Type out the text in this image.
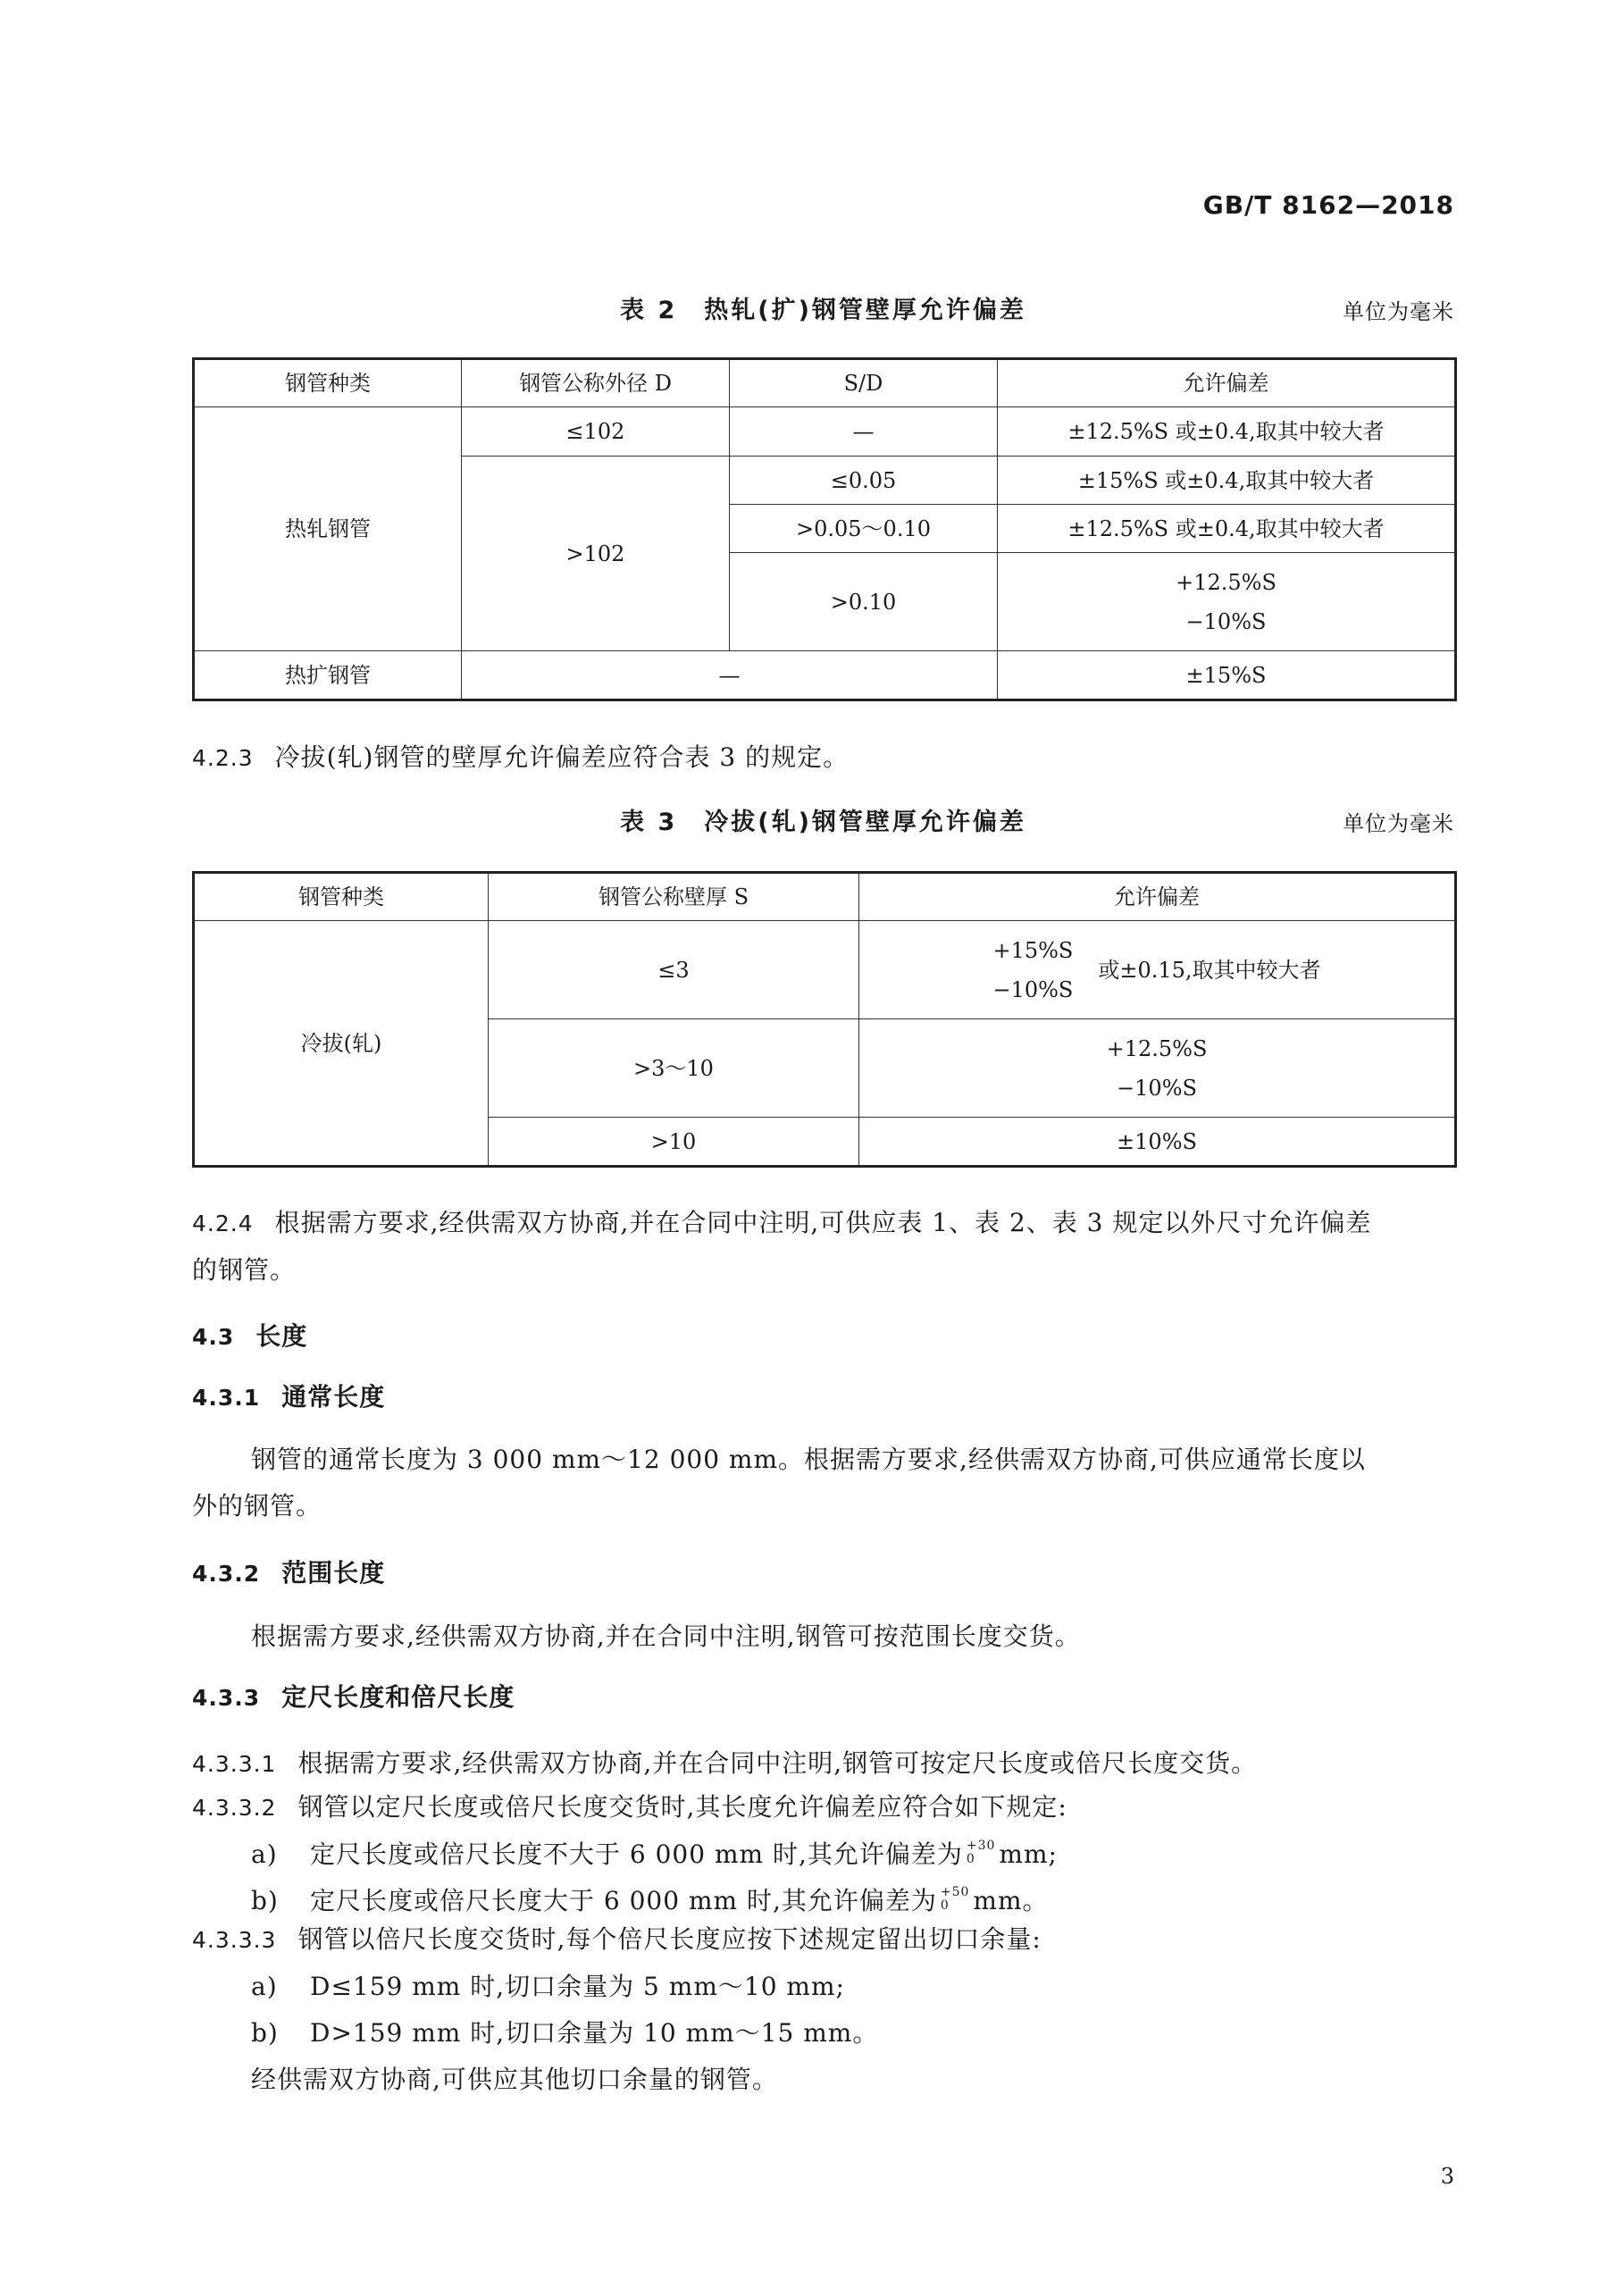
GB/T 8162—2018
表 2　热轧(扩)钢管壁厚允许偏差	单位为毫米
钢管种类	钢管公称外径 D	S/D	允许偏差
热轧钢管	≤102	—	±12.5%S 或±0.4,取其中较大者
	>102	≤0.05	±15%S 或±0.4,取其中较大者
		>0.05～0.10	±12.5%S 或±0.4,取其中较大者
		>0.10	+12.5%S
−10%S

热扩钢管	—		±15%S
4.2.3 冷拔(轧)钢管的壁厚允许偏差应符合表 3 的规定。
表 3　冷拔(轧)钢管壁厚允许偏差	单位为毫米
钢管种类	钢管公称壁厚 S	允许偏差
冷拔(轧)	≤3	+15%S
−10%S
或±0.15,取其中较大者
	>3～10	+12.5%S
−10%S

	>10	±10%S
4.2.4 根据需方要求,经供需双方协商,并在合同中注明,可供应表 1、表 2、表 3 规定以外尺寸允许偏差
的钢管。
4.3 长度
4.3.1 通常长度
钢管的通常长度为 3 000 mm～12 000 mm。根据需方要求,经供需双方协商,可供应通常长度以
外的钢管。
4.3.2 范围长度
根据需方要求,经供需双方协商,并在合同中注明,钢管可按范围长度交货。
4.3.3 定尺长度和倍尺长度
4.3.3.1 根据需方要求,经供需双方协商,并在合同中注明,钢管可按定尺长度或倍尺长度交货。
4.3.3.2 钢管以定尺长度或倍尺长度交货时,其长度允许偏差应符合如下规定:
a) 定尺长度或倍尺长度不大于 6 000 mm 时,其允许偏差为 +30
0 mm;
b) 定尺长度或倍尺长度大于 6 000 mm 时,其允许偏差为 +50
0 mm。
4.3.3.3 钢管以倍尺长度交货时,每个倍尺长度应按下述规定留出切口余量:
a) D≤159 mm 时,切口余量为 5 mm～10 mm;
b) D>159 mm 时,切口余量为 10 mm～15 mm。
经供需双方协商,可供应其他切口余量的钢管。
3
